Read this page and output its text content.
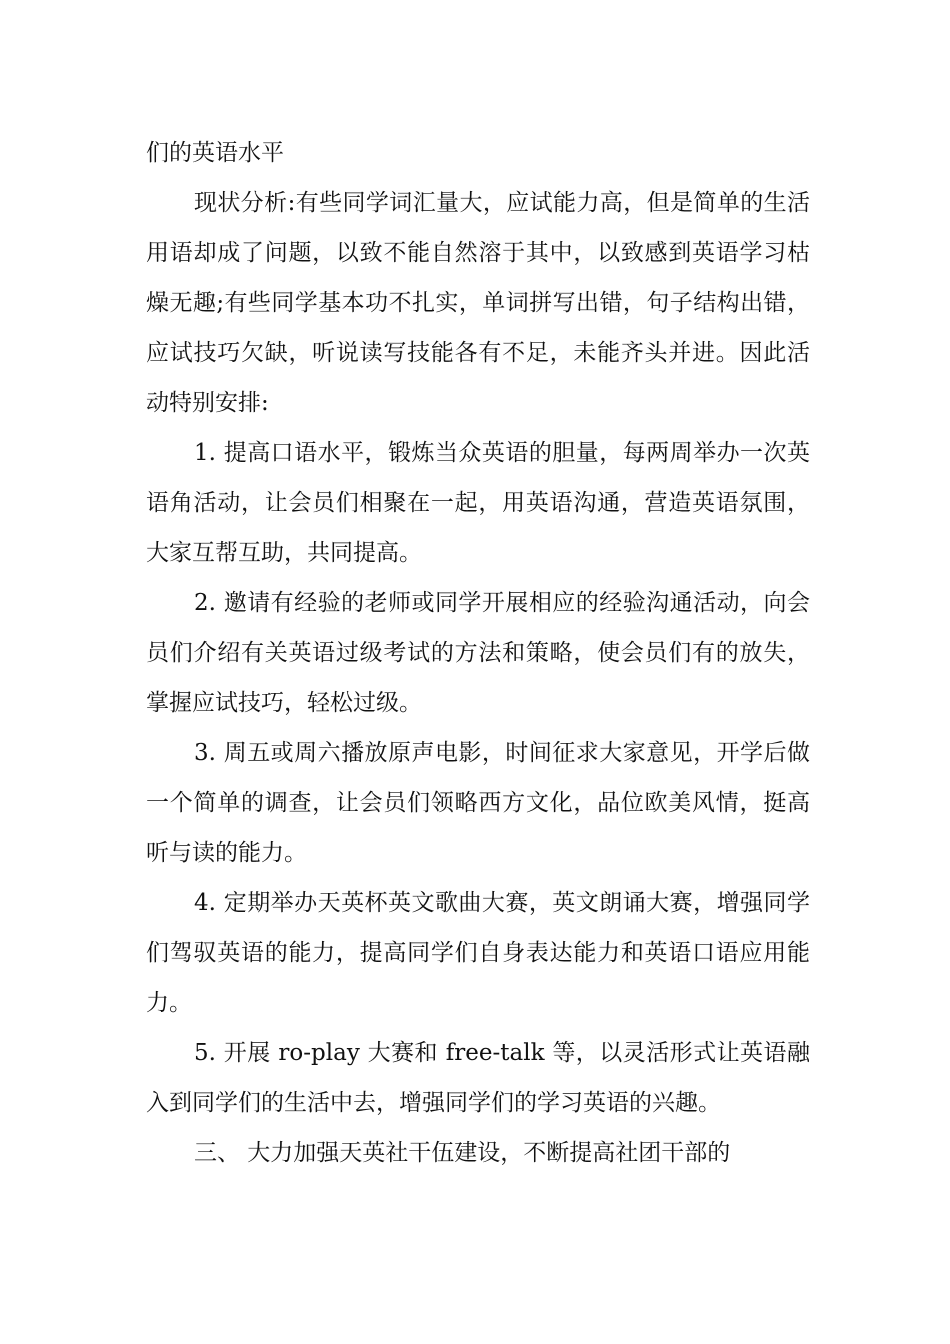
们的英语水平

现状分析:有些同学词汇量大，应试能力高，但是简单的生活用语却成了问题，以致不能自然溶于其中，以致感到英语学习枯燥无趣;有些同学基本功不扎实，单词拼写出错，句子结构出错，应试技巧欠缺，听说读写技能各有不足，未能齐头并进。因此活动特别安排:

1. 提高口语水平，锻炼当众英语的胆量，每两周举办一次英语角活动，让会员们相聚在一起，用英语沟通，营造英语氛围，大家互帮互助，共同提高。

2. 邀请有经验的老师或同学开展相应的经验沟通活动，向会员们介绍有关英语过级考试的方法和策略，使会员们有的放失，掌握应试技巧，轻松过级。

3. 周五或周六播放原声电影，时间征求大家意见，开学后做一个简单的调查，让会员们领略西方文化，品位欧美风情，挺高听与读的能力。

4. 定期举办天英杯英文歌曲大赛，英文朗诵大赛，增强同学们驾驭英语的能力，提高同学们自身表达能力和英语口语应用能力。

5. 开展 ro-play 大赛和 free-talk 等，以灵活形式让英语融入到同学们的生活中去，增强同学们的学习英语的兴趣。

三、 大力加强天英社干伍建设，不断提高社团干部的
